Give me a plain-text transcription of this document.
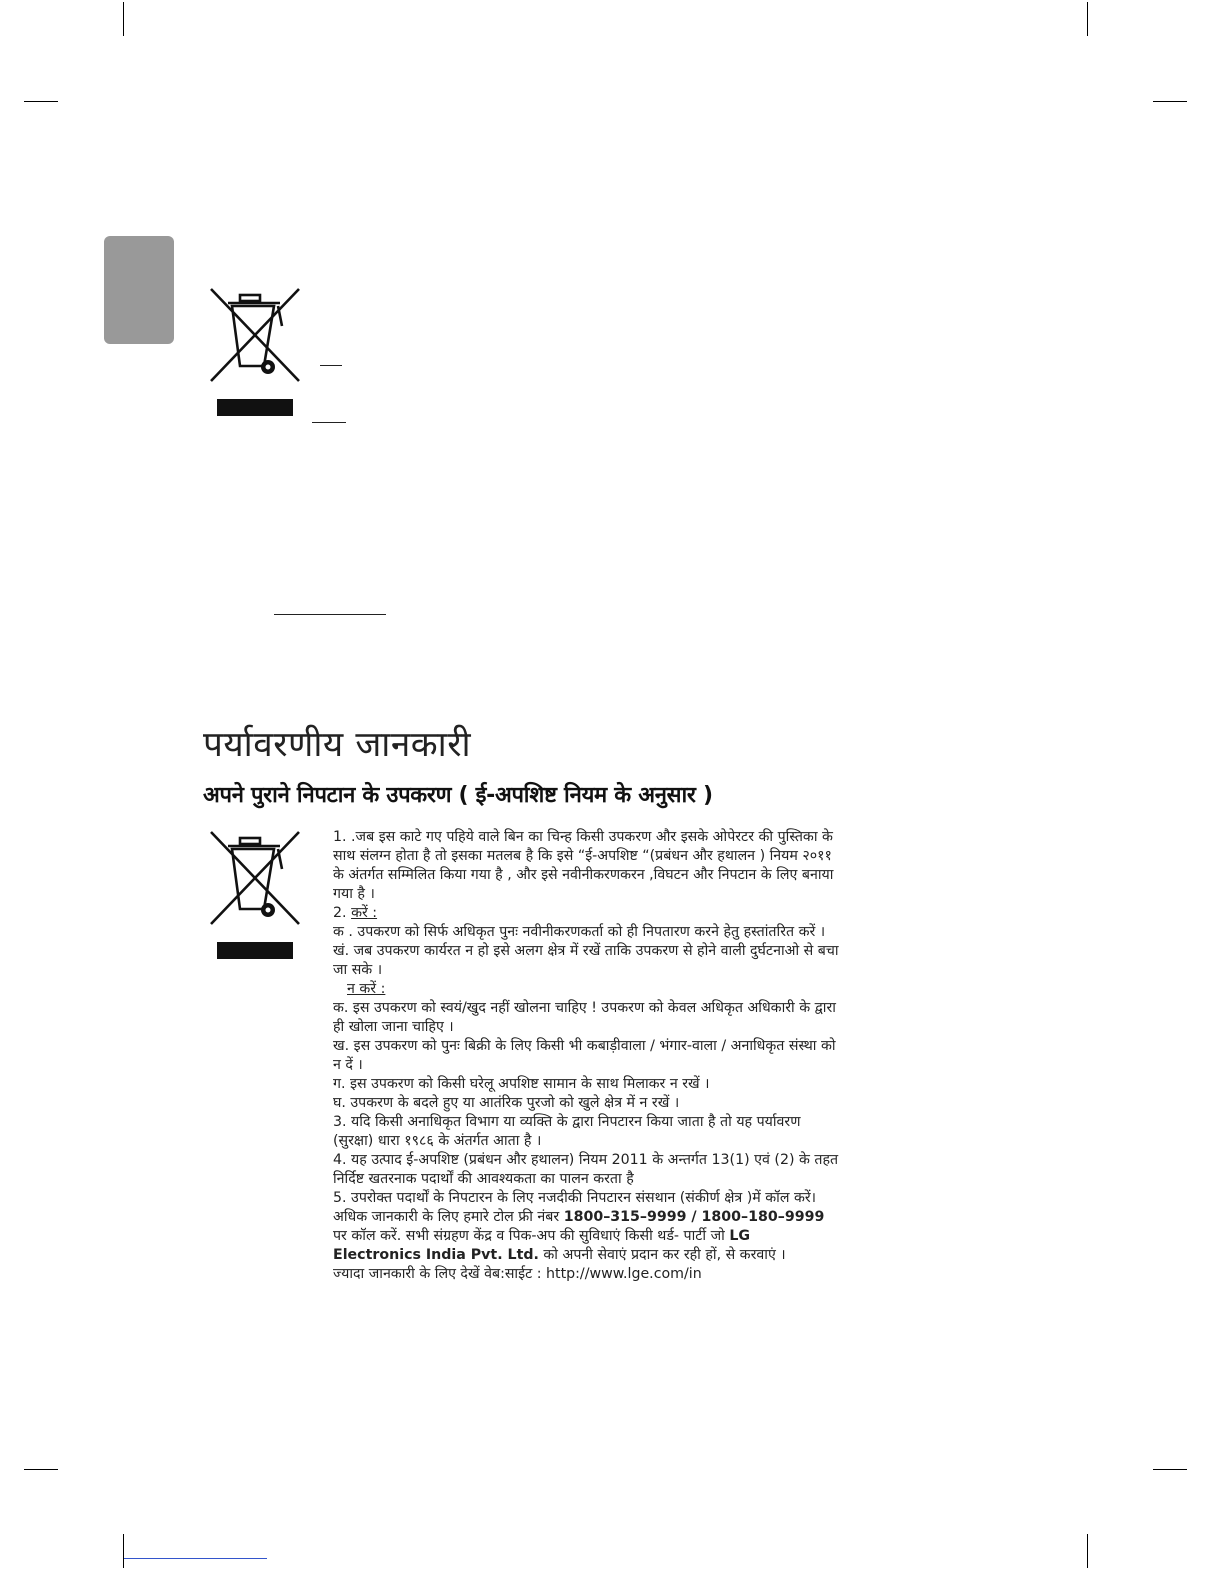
पर्यावरणीय जानकारी
अपने पुराने निपटान के उपकरण ( ई-अपशिष्ट नियम के अनुसार )

1. .जब इस काटे गए पहिये वाले बिन का चिन्ह किसी उपकरण और इसके ओपेरटर की पुस्तिका के साथ संलग्न होता है तो इसका मतलब है कि इसे “ई-अपशिष्ट “(प्रबंधन और हथालन ) नियम २०११ के अंतर्गत सम्मिलित किया गया है , और इसे नवीनीकरणकरन ,विघटन और निपटान के लिए बनाया गया है ।

2. करें :

क . उपकरण को सिर्फ अधिकृत पुनः नवीनीकरणकर्ता को ही निपतारण करने हेतु हस्तांतरित करें ।

खं. जब उपकरण कार्यरत न हो इसे अलग क्षेत्र में रखें ताकि उपकरण से होने वाली दुर्घटनाओ से बचा जा सके ।

न करें :

क. इस उपकरण को स्वयं/खुद नहीं खोलना चाहिए ! उपकरण को केवल अधिकृत अधिकारी के द्वारा ही खोला जाना चाहिए ।

ख. इस उपकरण को पुनः बिक्री के लिए किसी भी कबाड़ीवाला / भंगार-वाला / अनाधिकृत संस्था को न दें ।

ग. इस उपकरण को किसी घरेलू अपशिष्ट सामान के साथ मिलाकर न रखें ।

घ. उपकरण के बदले हुए या आतंरिक पुरजो को खुले क्षेत्र में न रखें ।

3. यदि किसी अनाधिकृत विभाग या व्यक्ति के द्वारा निपटारन किया जाता है तो यह पर्यावरण (सुरक्षा) धारा १९८६ के अंतर्गत आता है ।

4. यह उत्पाद ई-अपशिष्ट (प्रबंधन और हथालन) नियम 2011 के अन्तर्गत 13(1) एवं (2) के तहत निर्दिष्ट खतरनाक पदार्थों की आवश्यकता का पालन करता है

5. उपरोक्त पदार्थों के निपटारन के लिए नजदीकी निपटारन संसथान (संकीर्ण क्षेत्र )में कॉल करें। अधिक जानकारी के लिए हमारे टोल फ्री नंबर 1800–315–9999 / 1800–180–9999 पर कॉल करें. सभी संग्रहण केंद्र व पिक-अप की सुविधाएं किसी थर्ड- पार्टी जो LG Electronics India Pvt. Ltd. को अपनी सेवाएं प्रदान कर रही हों, से करवाएं ।

ज्यादा जानकारी के लिए देखें वेब:साईट : http://www.lge.com/in
